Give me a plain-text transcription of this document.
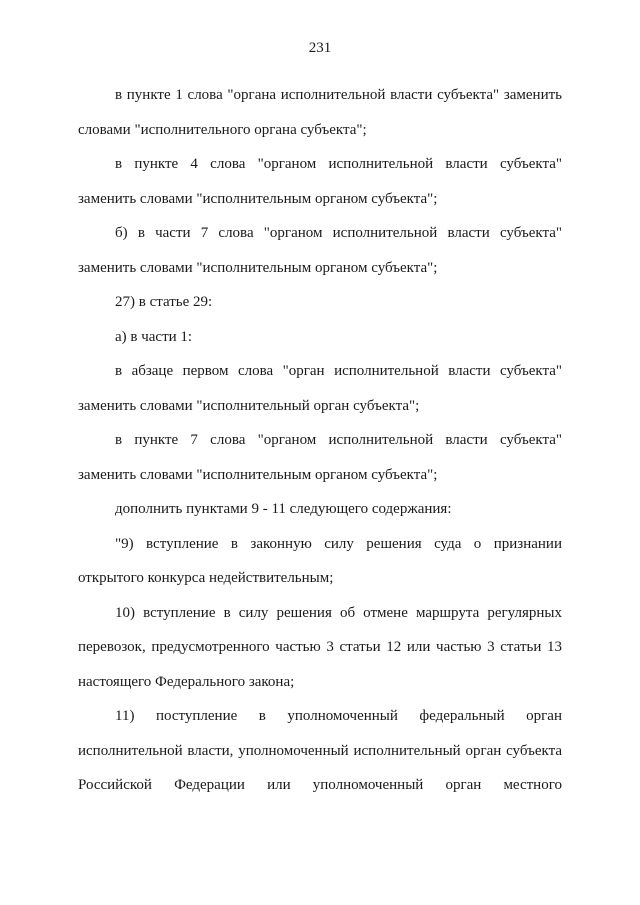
231

в пункте 1 слова "органа исполнительной власти субъекта" заменить словами "исполнительного органа субъекта";

в пункте 4 слова "органом исполнительной власти субъекта" заменить словами "исполнительным органом субъекта";

б) в части 7 слова "органом исполнительной власти субъекта" заменить словами "исполнительным органом субъекта";

27) в статье 29:

а) в части 1:

в абзаце первом слова "орган исполнительной власти субъекта" заменить словами "исполнительный орган субъекта";

в пункте 7 слова "органом исполнительной власти субъекта" заменить словами "исполнительным органом субъекта";

дополнить пунктами 9 - 11 следующего содержания:

"9) вступление в законную силу решения суда о признании открытого конкурса недействительным;

10) вступление в силу решения об отмене маршрута регулярных перевозок, предусмотренного частью 3 статьи 12 или частью 3 статьи 13 настоящего Федерального закона;

11) поступление в уполномоченный федеральный орган исполнительной власти, уполномоченный исполнительный орган субъекта Российской Федерации или уполномоченный орган местного
